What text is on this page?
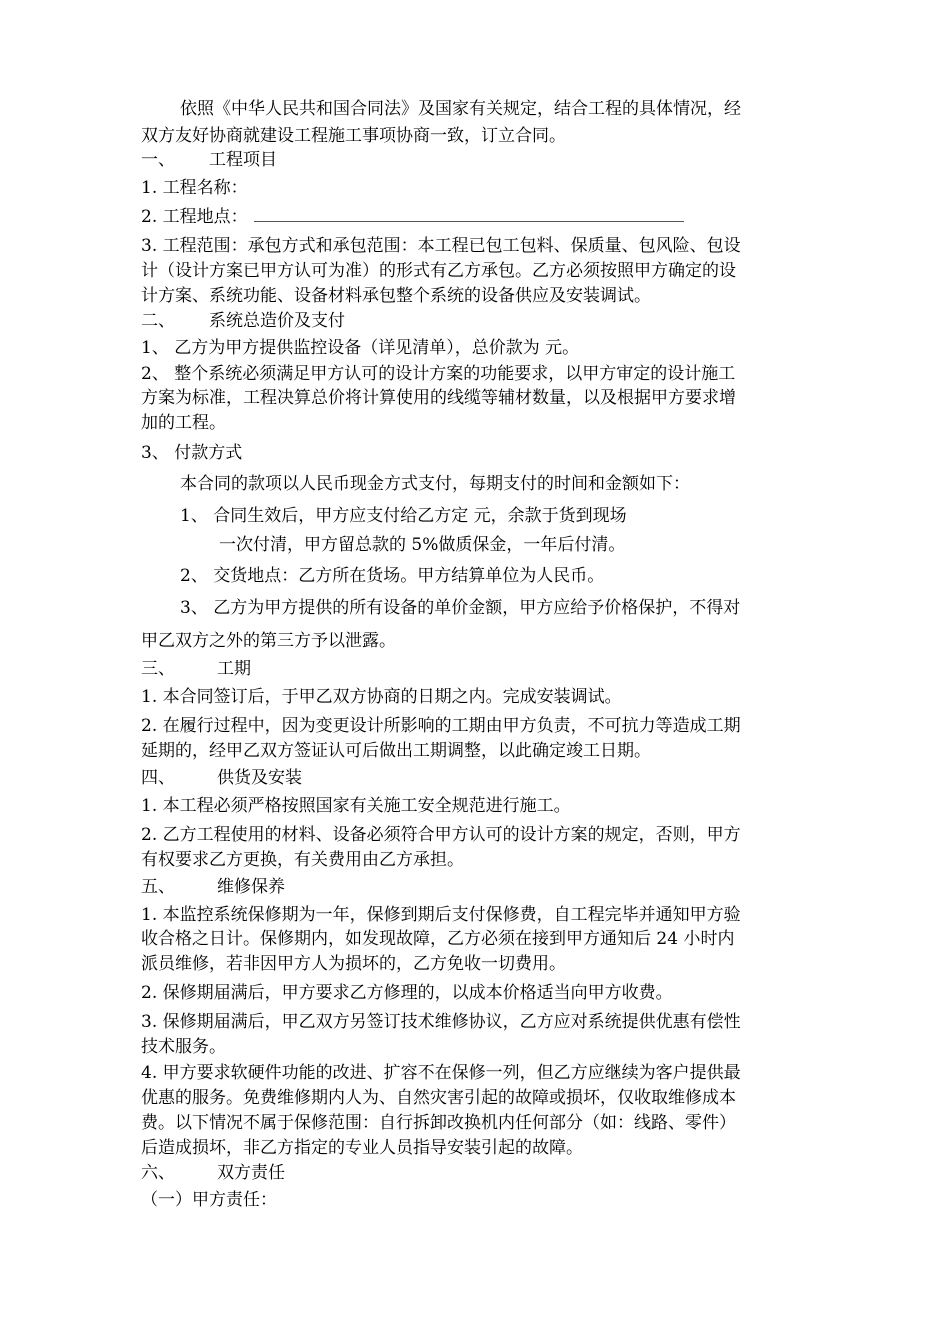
依照《中华人民共和国合同法》及国家有关规定，结合工程的具体情况，经
双方友好协商就建设工程施工事项协商一致，订立合同。
一、 工程项目
1. 工程名称：
2. 工程地点：
3. 工程范围：承包方式和承包范围：本工程已包工包料、保质量、包风险、包设
计（设计方案已甲方认可为准）的形式有乙方承包。乙方必须按照甲方确定的设
计方案、系统功能、设备材料承包整个系统的设备供应及安装调试。
二、 系统总造价及支付
1、 乙方为甲方提供监控设备（详见清单），总价款为 元。
2、 整个系统必须满足甲方认可的设计方案的功能要求，以甲方审定的设计施工
方案为标准，工程决算总价将计算使用的线缆等辅材数量，以及根据甲方要求增
加的工程。
3、 付款方式
本合同的款项以人民币现金方式支付，每期支付的时间和金额如下：
1、 合同生效后，甲方应支付给乙方定 元，余款于货到现场
一次付清，甲方留总款的 5%做质保金，一年后付清。
2、 交货地点：乙方所在货场。甲方结算单位为人民币。
3、 乙方为甲方提供的所有设备的单价金额，甲方应给予价格保护，不得对
甲乙双方之外的第三方予以泄露。
三、 工期
1. 本合同签订后，于甲乙双方协商的日期之内。完成安装调试。
2. 在履行过程中，因为变更设计所影响的工期由甲方负责，不可抗力等造成工期
延期的，经甲乙双方签证认可后做出工期调整，以此确定竣工日期。
四、 供货及安装
1. 本工程必须严格按照国家有关施工安全规范进行施工。
2. 乙方工程使用的材料、设备必须符合甲方认可的设计方案的规定，否则，甲方
有权要求乙方更换，有关费用由乙方承担。
五、 维修保养
1. 本监控系统保修期为一年，保修到期后支付保修费，自工程完毕并通知甲方验
收合格之日计。保修期内，如发现故障，乙方必须在接到甲方通知后 24 小时内
派员维修，若非因甲方人为损坏的，乙方免收一切费用。
2. 保修期届满后，甲方要求乙方修理的，以成本价格适当向甲方收费。
3. 保修期届满后，甲乙双方另签订技术维修协议，乙方应对系统提供优惠有偿性
技术服务。
4. 甲方要求软硬件功能的改进、扩容不在保修一列，但乙方应继续为客户提供最
优惠的服务。免费维修期内人为、自然灾害引起的故障或损坏，仅收取维修成本
费。以下情况不属于保修范围：自行拆卸改换机内任何部分（如：线路、零件）
后造成损坏，非乙方指定的专业人员指导安装引起的故障。
六、 双方责任
（一）甲方责任：
